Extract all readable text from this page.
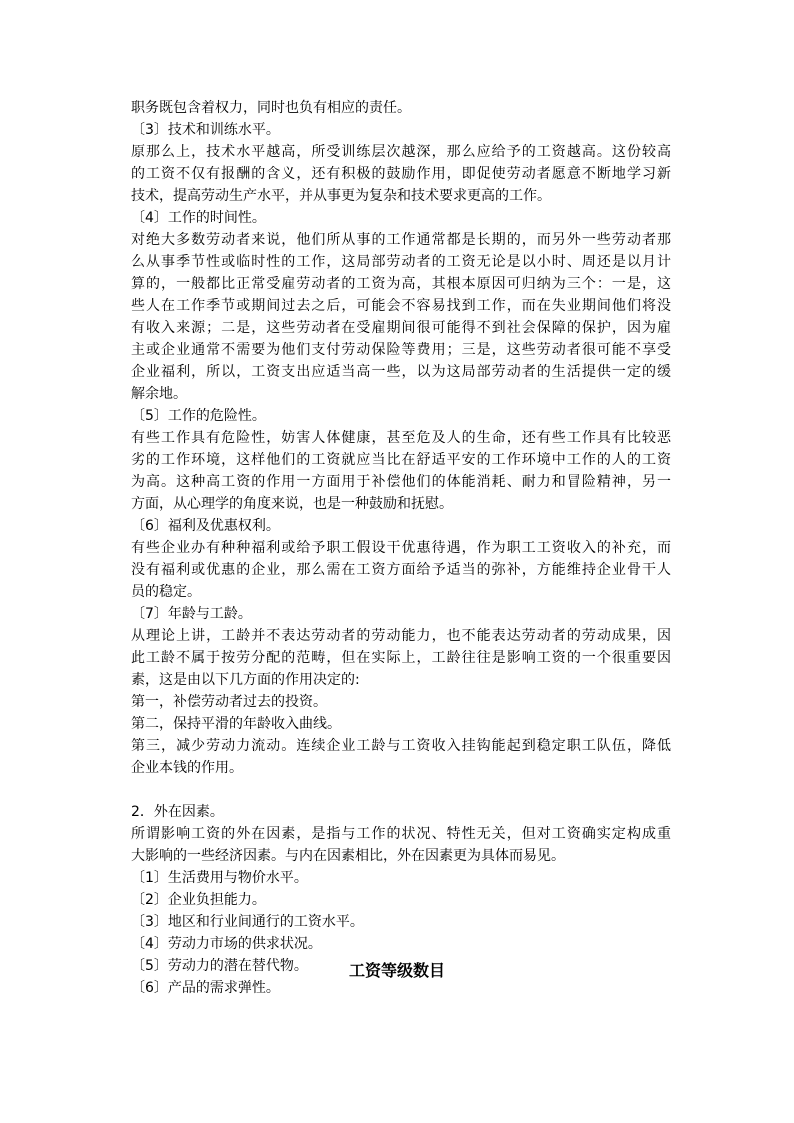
职务既包含着权力，同时也负有相应的责任。
〔3〕技术和训练水平。
原那么上，技术水平越高，所受训练层次越深，那么应给予的工资越高。这份较高
的工资不仅有报酬的含义，还有积极的鼓励作用，即促使劳动者愿意不断地学习新
技术，提高劳动生产水平，并从事更为复杂和技术要求更高的工作。
〔4〕工作的时间性。
对绝大多数劳动者来说，他们所从事的工作通常都是长期的，而另外一些劳动者那
么从事季节性或临时性的工作，这局部劳动者的工资无论是以小时、周还是以月计
算的，一般都比正常受雇劳动者的工资为高，其根本原因可归纳为三个：一是，这
些人在工作季节或期间过去之后，可能会不容易找到工作，而在失业期间他们将没
有收入来源；二是，这些劳动者在受雇期间很可能得不到社会保障的保护，因为雇
主或企业通常不需要为他们支付劳动保险等费用；三是，这些劳动者很可能不享受
企业福利，所以，工资支出应适当高一些，以为这局部劳动者的生活提供一定的缓
解余地。
〔5〕工作的危险性。
有些工作具有危险性，妨害人体健康，甚至危及人的生命，还有些工作具有比较恶
劣的工作环境，这样他们的工资就应当比在舒适平安的工作环境中工作的人的工资
为高。这种高工资的作用一方面用于补偿他们的体能消耗、耐力和冒险精神，另一
方面，从心理学的角度来说，也是一种鼓励和抚慰。
〔6〕福利及优惠权利。
有些企业办有种种福利或给予职工假设干优惠待遇，作为职工工资收入的补充，而
没有福利或优惠的企业，那么需在工资方面给予适当的弥补，方能维持企业骨干人
员的稳定。
〔7〕年龄与工龄。
从理论上讲，工龄并不表达劳动者的劳动能力，也不能表达劳动者的劳动成果，因
此工龄不属于按劳分配的范畴，但在实际上，工龄往往是影响工资的一个很重要因
素，这是由以下几方面的作用决定的:
第一，补偿劳动者过去的投资。
第二，保持平滑的年龄收入曲线。
第三，减少劳动力流动。连续企业工龄与工资收入挂钩能起到稳定职工队伍，降低
企业本钱的作用。
2．外在因素。
所谓影响工资的外在因素，是指与工作的状况、特性无关，但对工资确实定构成重
大影响的一些经济因素。与内在因素相比，外在因素更为具体而易见。
〔1〕生活费用与物价水平。
〔2〕企业负担能力。
〔3〕地区和行业间通行的工资水平。
〔4〕劳动力市场的供求状况。
〔5〕劳动力的潜在替代物。
〔6〕产品的需求弹性。
工资等级数目
